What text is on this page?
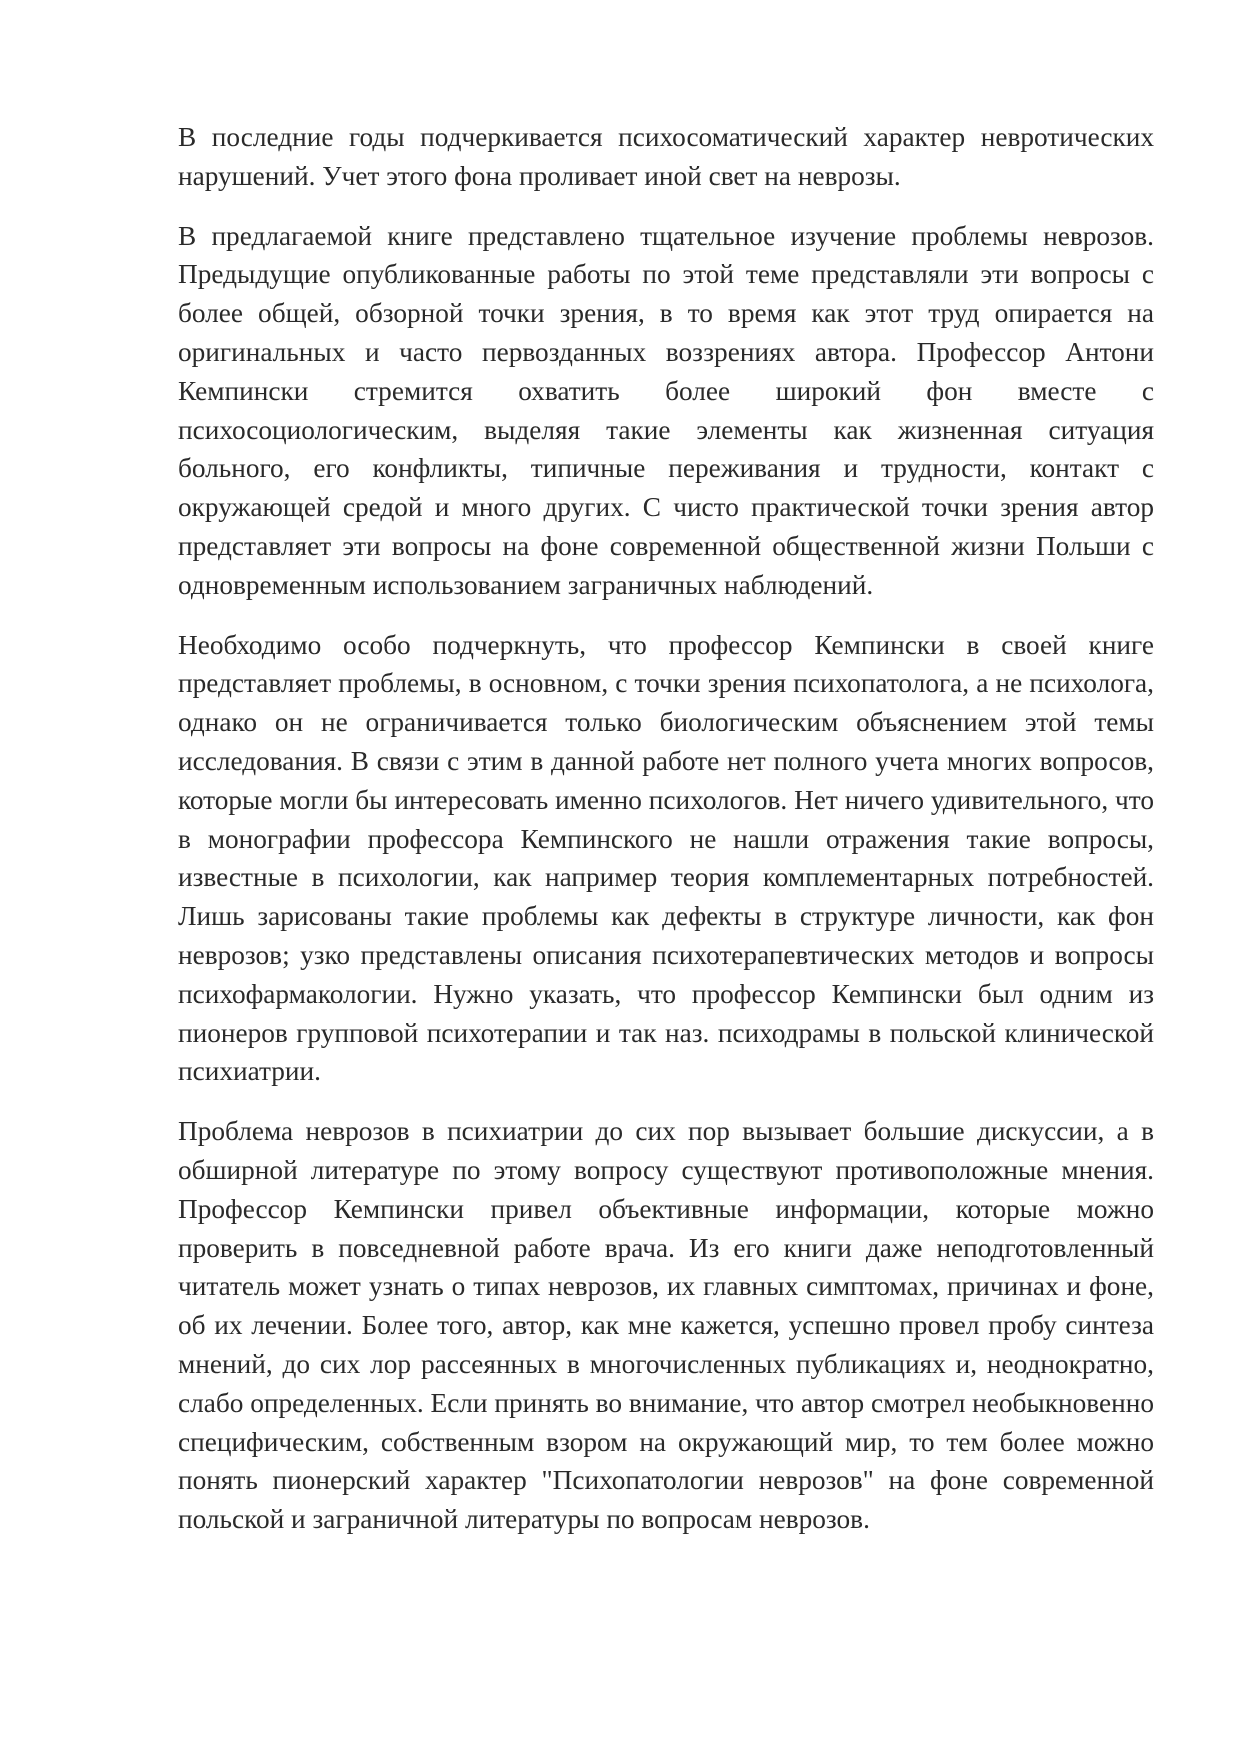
В последние годы подчеркивается психосоматический характер невротических нарушений. Учет этого фона проливает иной свет на неврозы.

В предлагаемой книге представлено тщательное изучение проблемы неврозов. Предыдущие опубликованные работы по этой теме представляли эти вопросы с более общей, обзорной точки зрения, в то время как этот труд опирается на оригинальных и часто первозданных воззрениях автора. Профессор Антони Кемпински стремится охватить более широкий фон вместе с психосоциологическим, выделяя такие элементы как жизненная ситуация больного, его конфликты, типичные переживания и трудности, контакт с окружающей средой и много других. С чисто практической точки зрения автор представляет эти вопросы на фоне современной общественной жизни Польши с одновременным использованием заграничных наблюдений.

Необходимо особо подчеркнуть, что профессор Кемпински в своей книге представляет проблемы, в основном, с точки зрения психопатолога, а не психолога, однако он не ограничивается только биологическим объяснением этой темы исследования. В связи с этим в данной работе нет полного учета многих вопросов, которые могли бы интересовать именно психологов. Нет ничего удивительного, что в монографии профессора Кемпинского не нашли отражения такие вопросы, известные в психологии, как например теория комплементарных потребностей. Лишь зарисованы такие проблемы как дефекты в структуре личности, как фон неврозов; узко представлены описания психотерапевтических методов и вопросы психофармакологии. Нужно указать, что профессор Кемпински был одним из пионеров групповой психотерапии и так наз. психодрамы в польской клинической психиатрии.

Проблема неврозов в психиатрии до сих пор вызывает большие дискуссии, а в обширной литературе по этому вопросу существуют противоположные мнения. Профессор Кемпински привел объективные информации, которые можно проверить в повседневной работе врача. Из его книги даже неподготовленный читатель может узнать о типах неврозов, их главных симптомах, причинах и фоне, об их лечении. Более того, автор, как мне кажется, успешно провел пробу синтеза мнений, до сих лор рассеянных в многочисленных публикациях и, неоднократно, слабо определенных. Если принять во внимание, что автор смотрел необыкновенно специфическим, собственным взором на окружающий мир, то тем более можно понять пионерский характер "Психопатологии неврозов" на фоне современной польской и заграничной литературы по вопросам неврозов.
